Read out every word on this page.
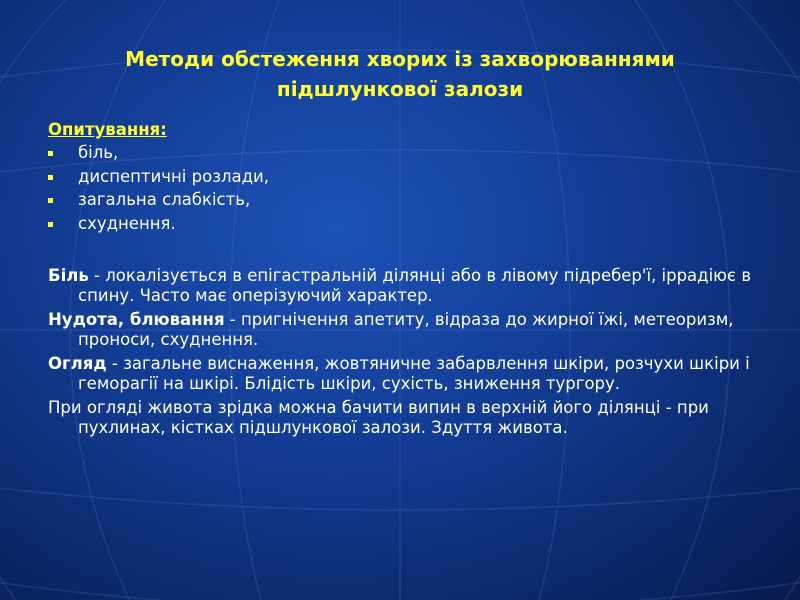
Методи обстеження хворих із захворюваннями
підшлункової залози
Опитування:
біль,
диспептичні розлади,
загальна слабкість,
схуднення.
Біль - локалізується в епігастральній ділянці або в лівому підребер'ї, іррадіює в спину. Часто має оперізуючий характер.
Нудота, блювання - пригнічення апетиту, відраза до жирної їжі, метеоризм, проноси, схуднення.
Огляд - загальне виснаження, жовтяничне забарвлення шкіри, розчухи шкіри і геморагії на шкірі. Блідість шкіри, сухість, зниження тургору.
При огляді живота зрідка можна бачити випин в верхній його ділянці - при пухлинах, кістках підшлункової залози. Здуття живота.
